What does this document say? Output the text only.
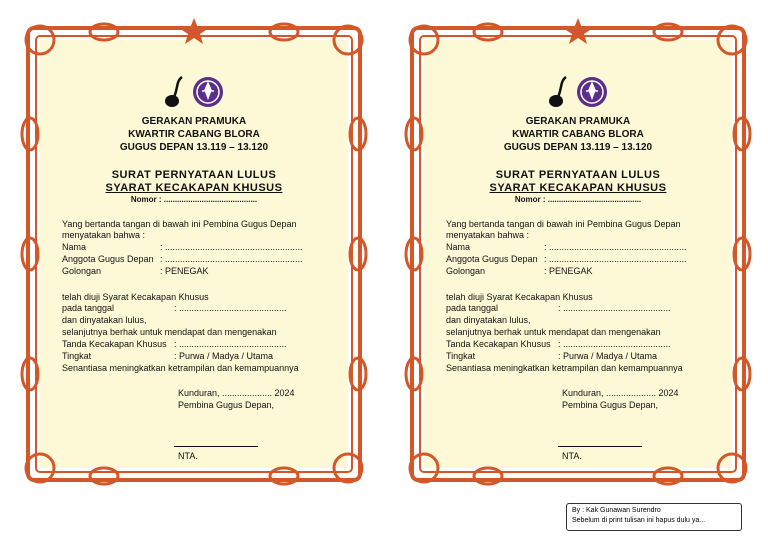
GERAKAN PRAMUKA
KWARTIR CABANG BLORA
GUGUS DEPAN 13.119 – 13.120
SURAT PERNYATAAN LULUS
SYARAT KECAKAPAN KHUSUS
Nomor : ..........................................
Yang bertanda tangan di bawah ini Pembina Gugus Depan
menyatakan bahwa :
Nama	: .......................................................
Anggota Gugus Depan : .......................................................
Golongan	: PENEGAK
telah diuji Syarat Kecakapan Khusus
pada tanggal	: ...........................................
dan dinyatakan lulus,
selanjutnya berhak untuk mendapat dan mengenakan
Tanda Kecakapan Khusus : ...........................................
Tingkat	: Purwa / Madya / Utama
Senantiasa meningkatkan ketrampilan dan kemampuannya
Kunduran, .................... 2024
Pembina Gugus Depan,
NTA.
GERAKAN PRAMUKA
KWARTIR CABANG BLORA
GUGUS DEPAN 13.119 – 13.120
SURAT PERNYATAAN LULUS
SYARAT KECAKAPAN KHUSUS
Nomor : ..........................................
Yang bertanda tangan di bawah ini Pembina Gugus Depan
menyatakan bahwa :
Nama	: .......................................................
Anggota Gugus Depan : .......................................................
Golongan	: PENEGAK
telah diuji Syarat Kecakapan Khusus
pada tanggal	: ...........................................
dan dinyatakan lulus,
selanjutnya berhak untuk mendapat dan mengenakan
Tanda Kecakapan Khusus : ...........................................
Tingkat	: Purwa / Madya / Utama
Senantiasa meningkatkan ketrampilan dan kemampuannya
Kunduran, .................... 2024
Pembina Gugus Depan,
NTA.
By : Kak Gunawan Surendro
Sebelum di print tulisan ini hapus dulu ya...
